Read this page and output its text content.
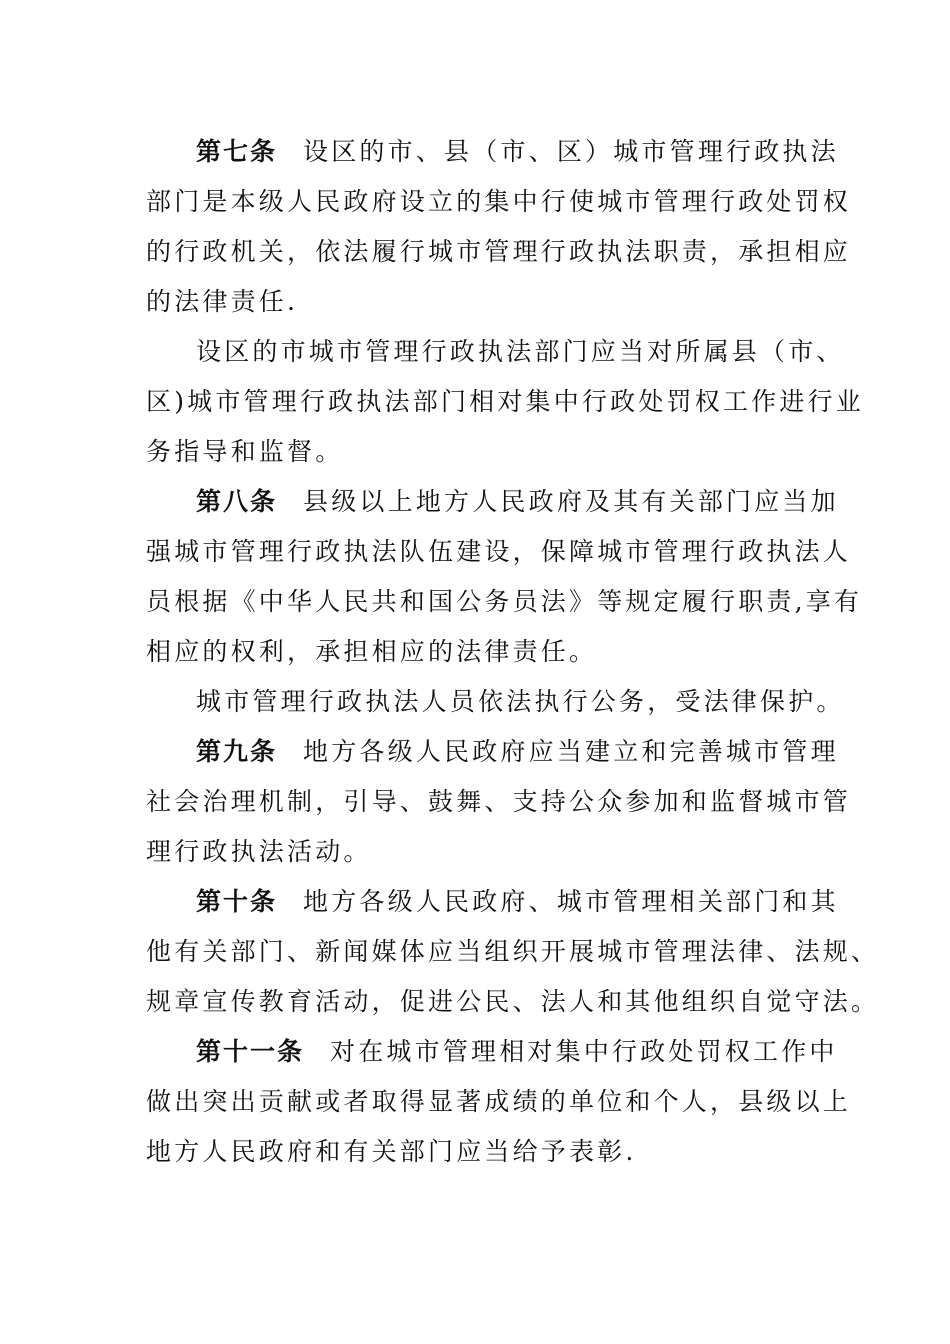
第七条 设区的市、县（市、区）城市管理行政执法
部门是本级人民政府设立的集中行使城市管理行政处罚权
的行政机关，依法履行城市管理行政执法职责，承担相应
的法律责任.
设区的市城市管理行政执法部门应当对所属县（市、
区)城市管理行政执法部门相对集中行政处罚权工作进行业
务指导和监督。
第八条 县级以上地方人民政府及其有关部门应当加
强城市管理行政执法队伍建设，保障城市管理行政执法人
员根据《中华人民共和国公务员法》等规定履行职责,享有
相应的权利，承担相应的法律责任。
城市管理行政执法人员依法执行公务，受法律保护。
第九条 地方各级人民政府应当建立和完善城市管理
社会治理机制，引导、鼓舞、支持公众参加和监督城市管
理行政执法活动。
第十条 地方各级人民政府、城市管理相关部门和其
他有关部门、新闻媒体应当组织开展城市管理法律、法规、
规章宣传教育活动，促进公民、法人和其他组织自觉守法。
第十一条 对在城市管理相对集中行政处罚权工作中
做出突出贡献或者取得显著成绩的单位和个人，县级以上
地方人民政府和有关部门应当给予表彰.
